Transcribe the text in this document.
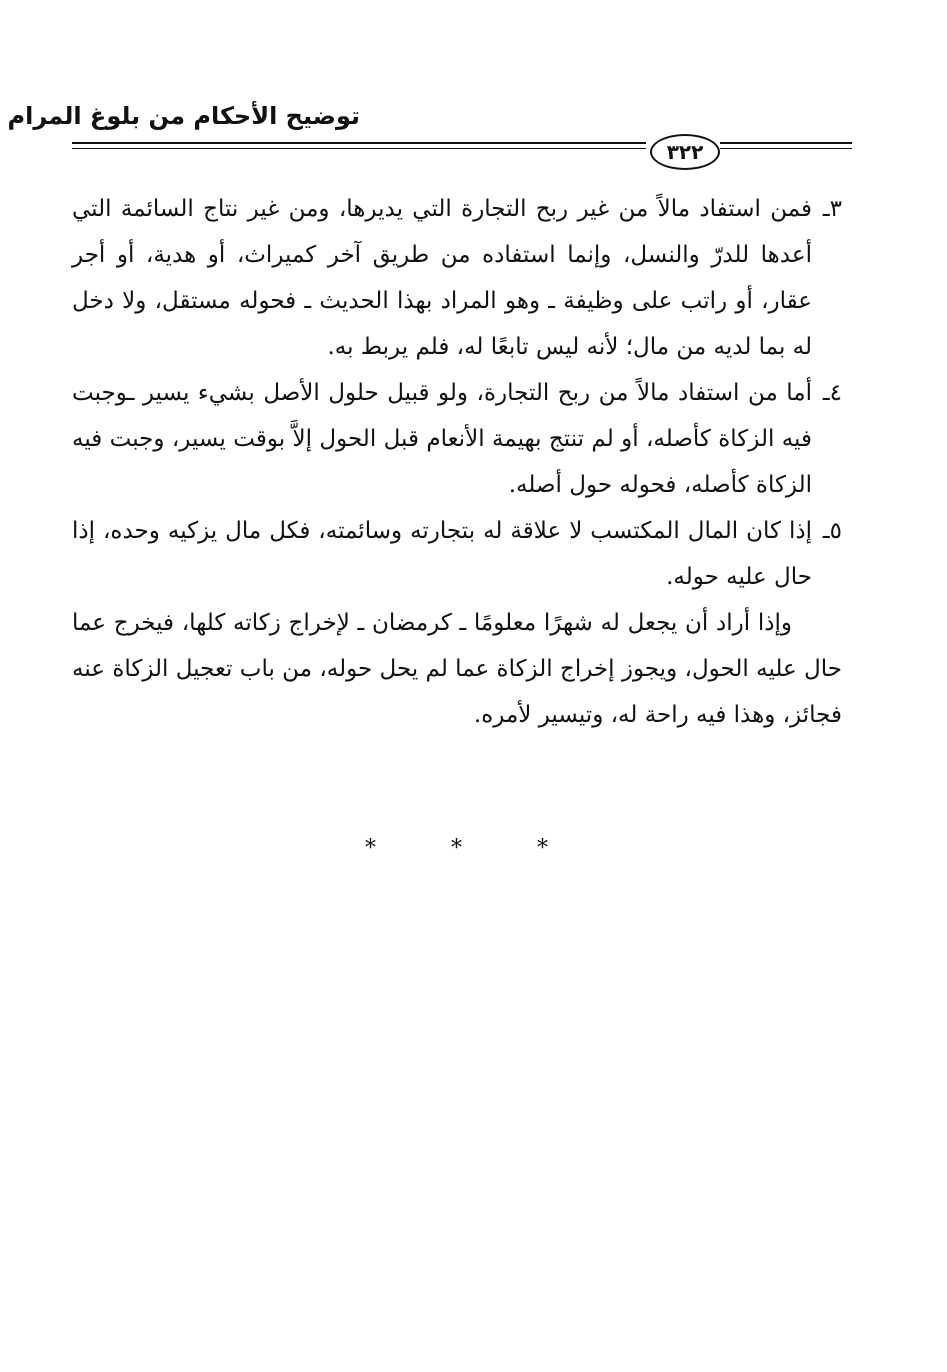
توضيح الأحكام من بلوغ المرام
٣٢٢

٣ـ
فمن استفاد مالاً من غير ربح التجارة التي يديرها، ومن غير نتاج السائمة التي أعدها للدرّ والنسل، وإنما استفاده من طريق آخر كميراث، أو هدية، أو أجر عقار، أو راتب على وظيفة ـ وهو المراد بهذا الحديث ـ فحوله مستقل، ولا دخل له بما لديه من مال؛ لأنه ليس تابعًا له، فلم يربط به.

٤ـ
أما من استفاد مالاً من ربح التجارة، ولو قبيل حلول الأصل بشيء يسير ـوجبت فيه الزكاة كأصله، أو لم تنتج بهيمة الأنعام قبل الحول إلاَّ بوقت يسير، وجبت فيه الزكاة كأصله، فحوله حول أصله.

٥ـ
إذا كان المال المكتسب لا علاقة له بتجارته وسائمته، فكل مال يزكيه وحده، إذا حال عليه حوله.

وإذا أراد أن يجعل له شهرًا معلومًا ـ كرمضان ـ لإخراج زكاته كلها، فيخرج عما حال عليه الحول، ويجوز إخراج الزكاة عما لم يحل حوله، من باب تعجيل الزكاة عنه فجائز، وهذا فيه راحة له، وتيسير لأمره.

* * *
